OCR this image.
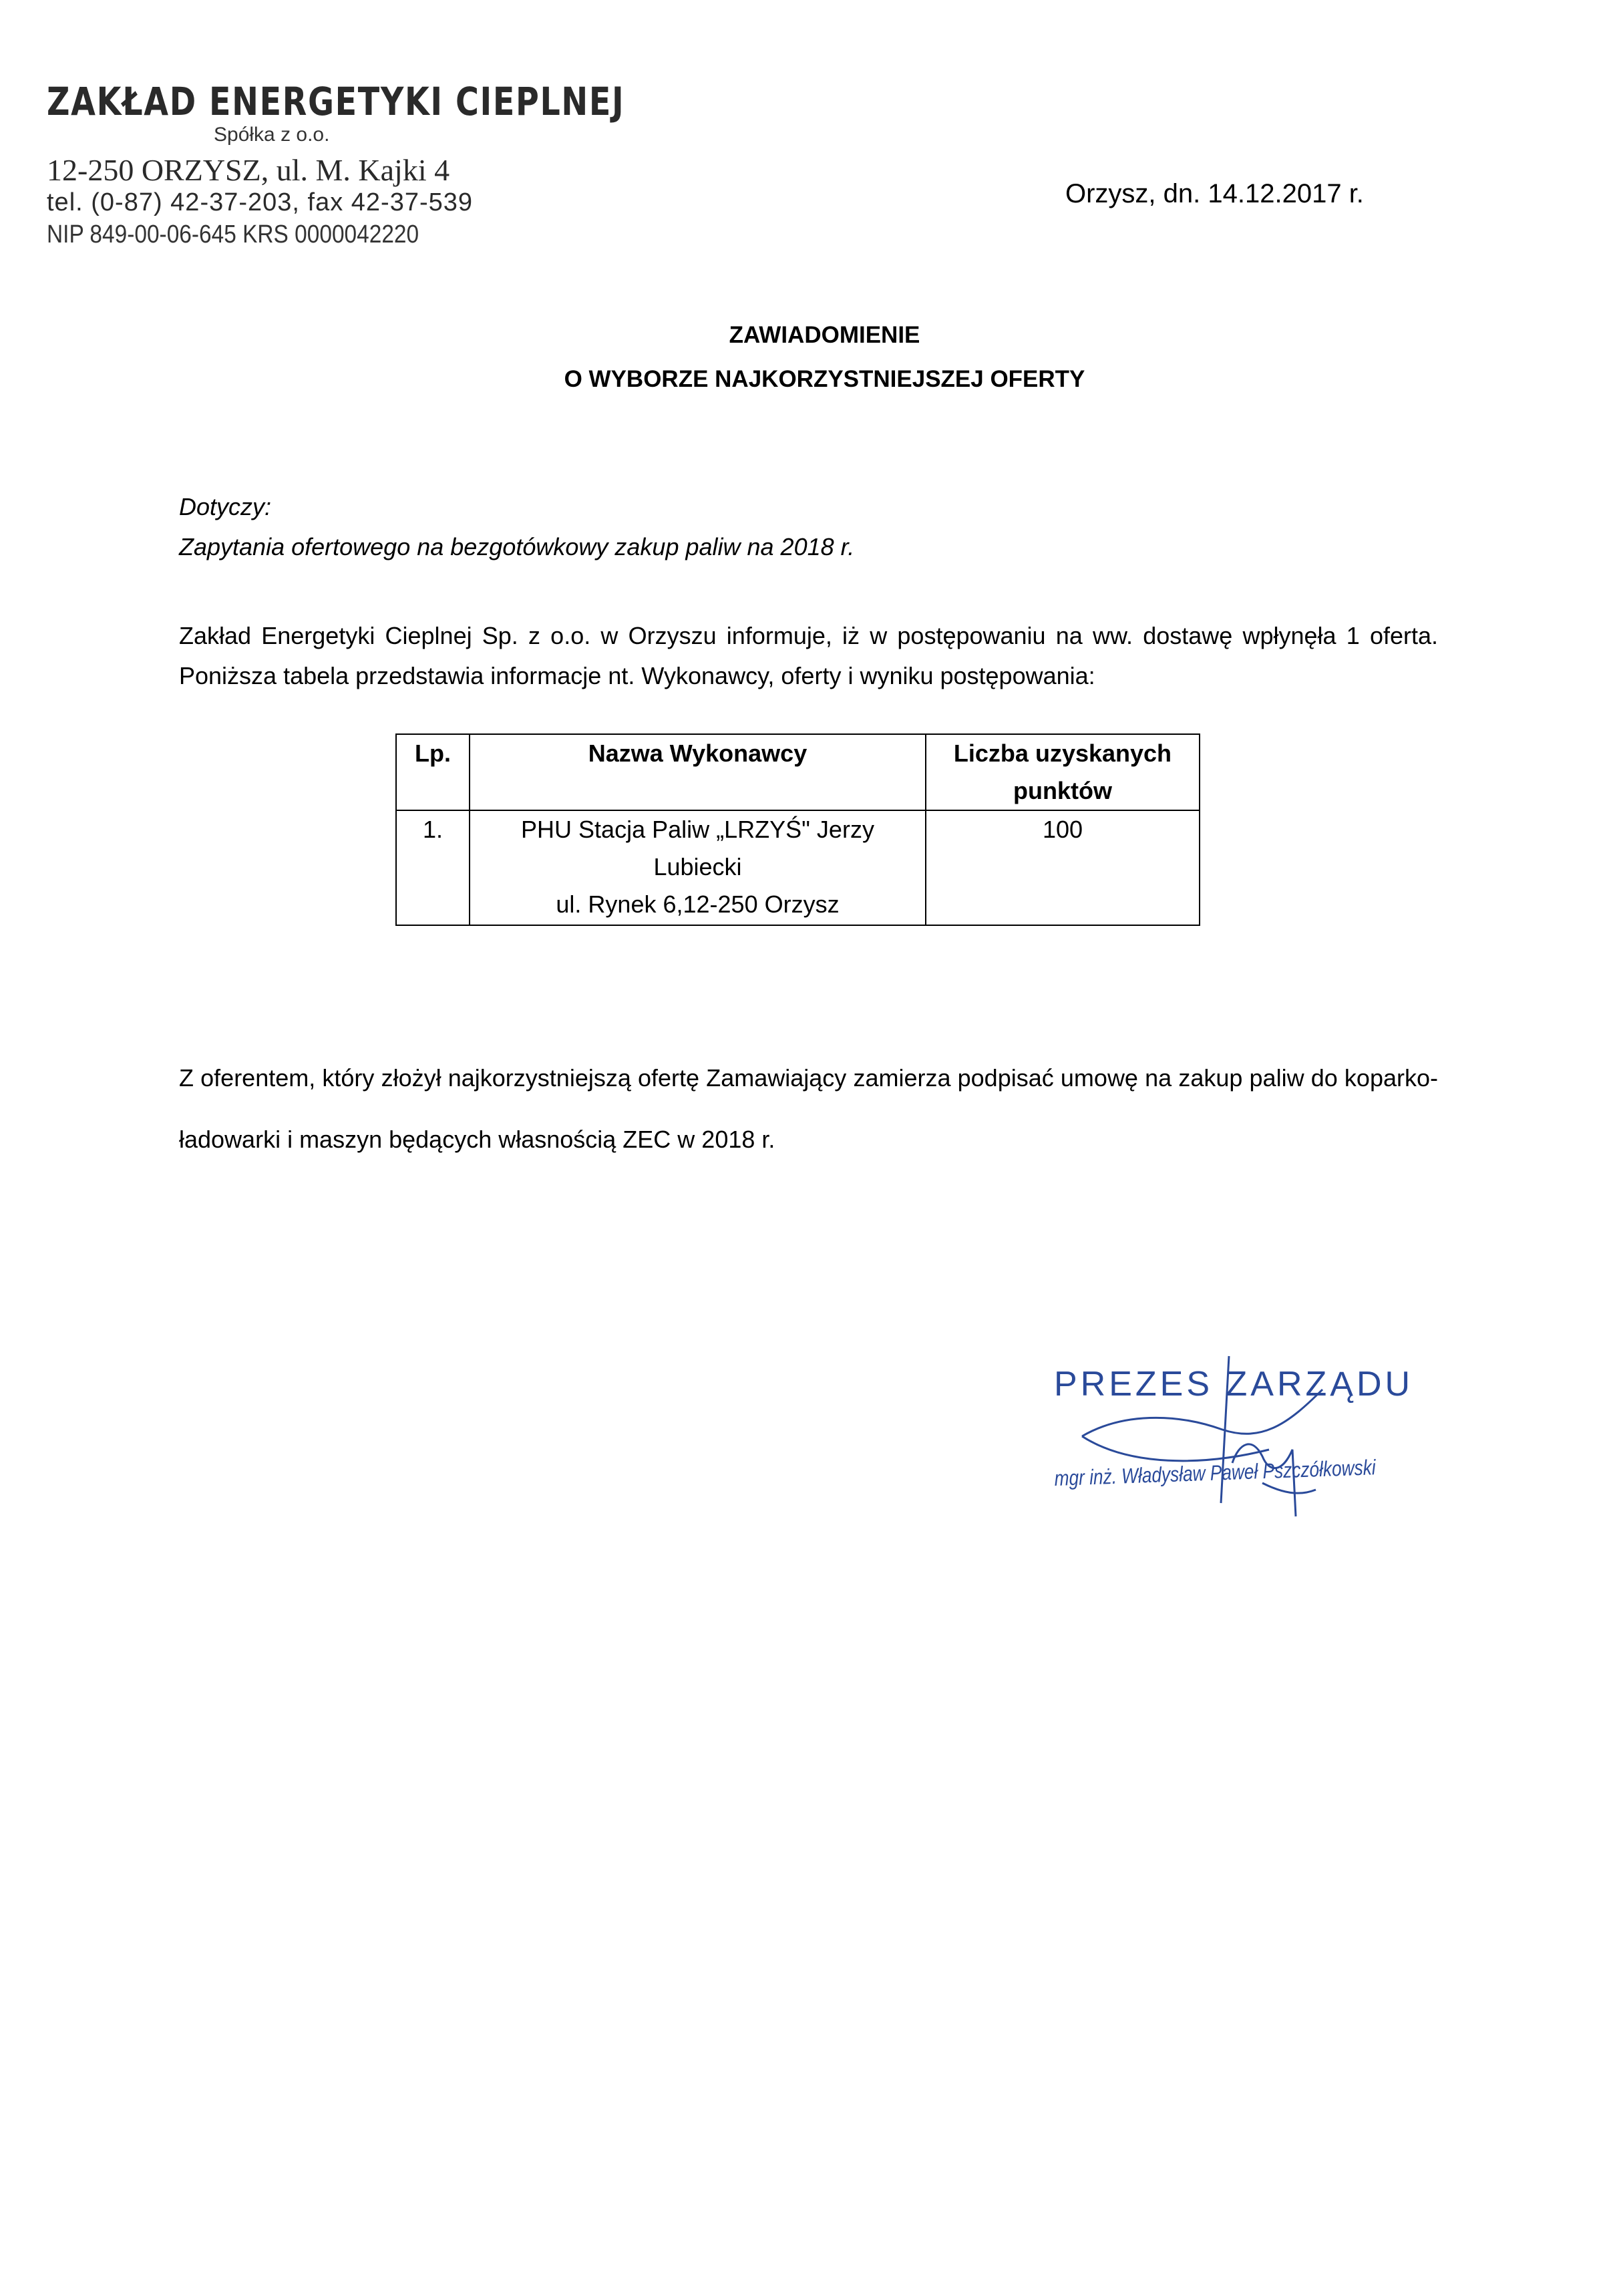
ZAKŁAD ENERGETYKI CIEPLNEJ
Spółka z o.o.
12-250 ORZYSZ, ul. M. Kajki 4
tel. (0-87) 42-37-203, fax 42-37-539
NIP 849-00-06-645 KRS 0000042220
Orzysz, dn. 14.12.2017 r.
ZAWIADOMIENIE
O WYBORZE NAJKORZYSTNIEJSZEJ OFERTY
Dotyczy:
Zapytania ofertowego na bezgotówkowy zakup paliw na 2018 r.
Zakład Energetyki Cieplnej Sp. z o.o. w Orzyszu informuje, iż w postępowaniu na ww. dostawę wpłynęła 1 oferta. Poniższa tabela przedstawia informacje nt. Wykonawcy, oferty i wyniku postępowania:
Lp.	Nazwa Wykonawcy	Liczba uzyskanych punktów
1.	PHU Stacja Paliw „LRZYŚ" Jerzy
Lubiecki
ul. Rynek 6,12-250 Orzysz	100
Z oferentem, który złożył najkorzystniejszą ofertę Zamawiający zamierza podpisać umowę na zakup paliw do koparko- ładowarki i maszyn będących własnością ZEC w 2018 r.
PREZES ZARZĄDU
mgr inż. Władysław Paweł Pszczółkowski
